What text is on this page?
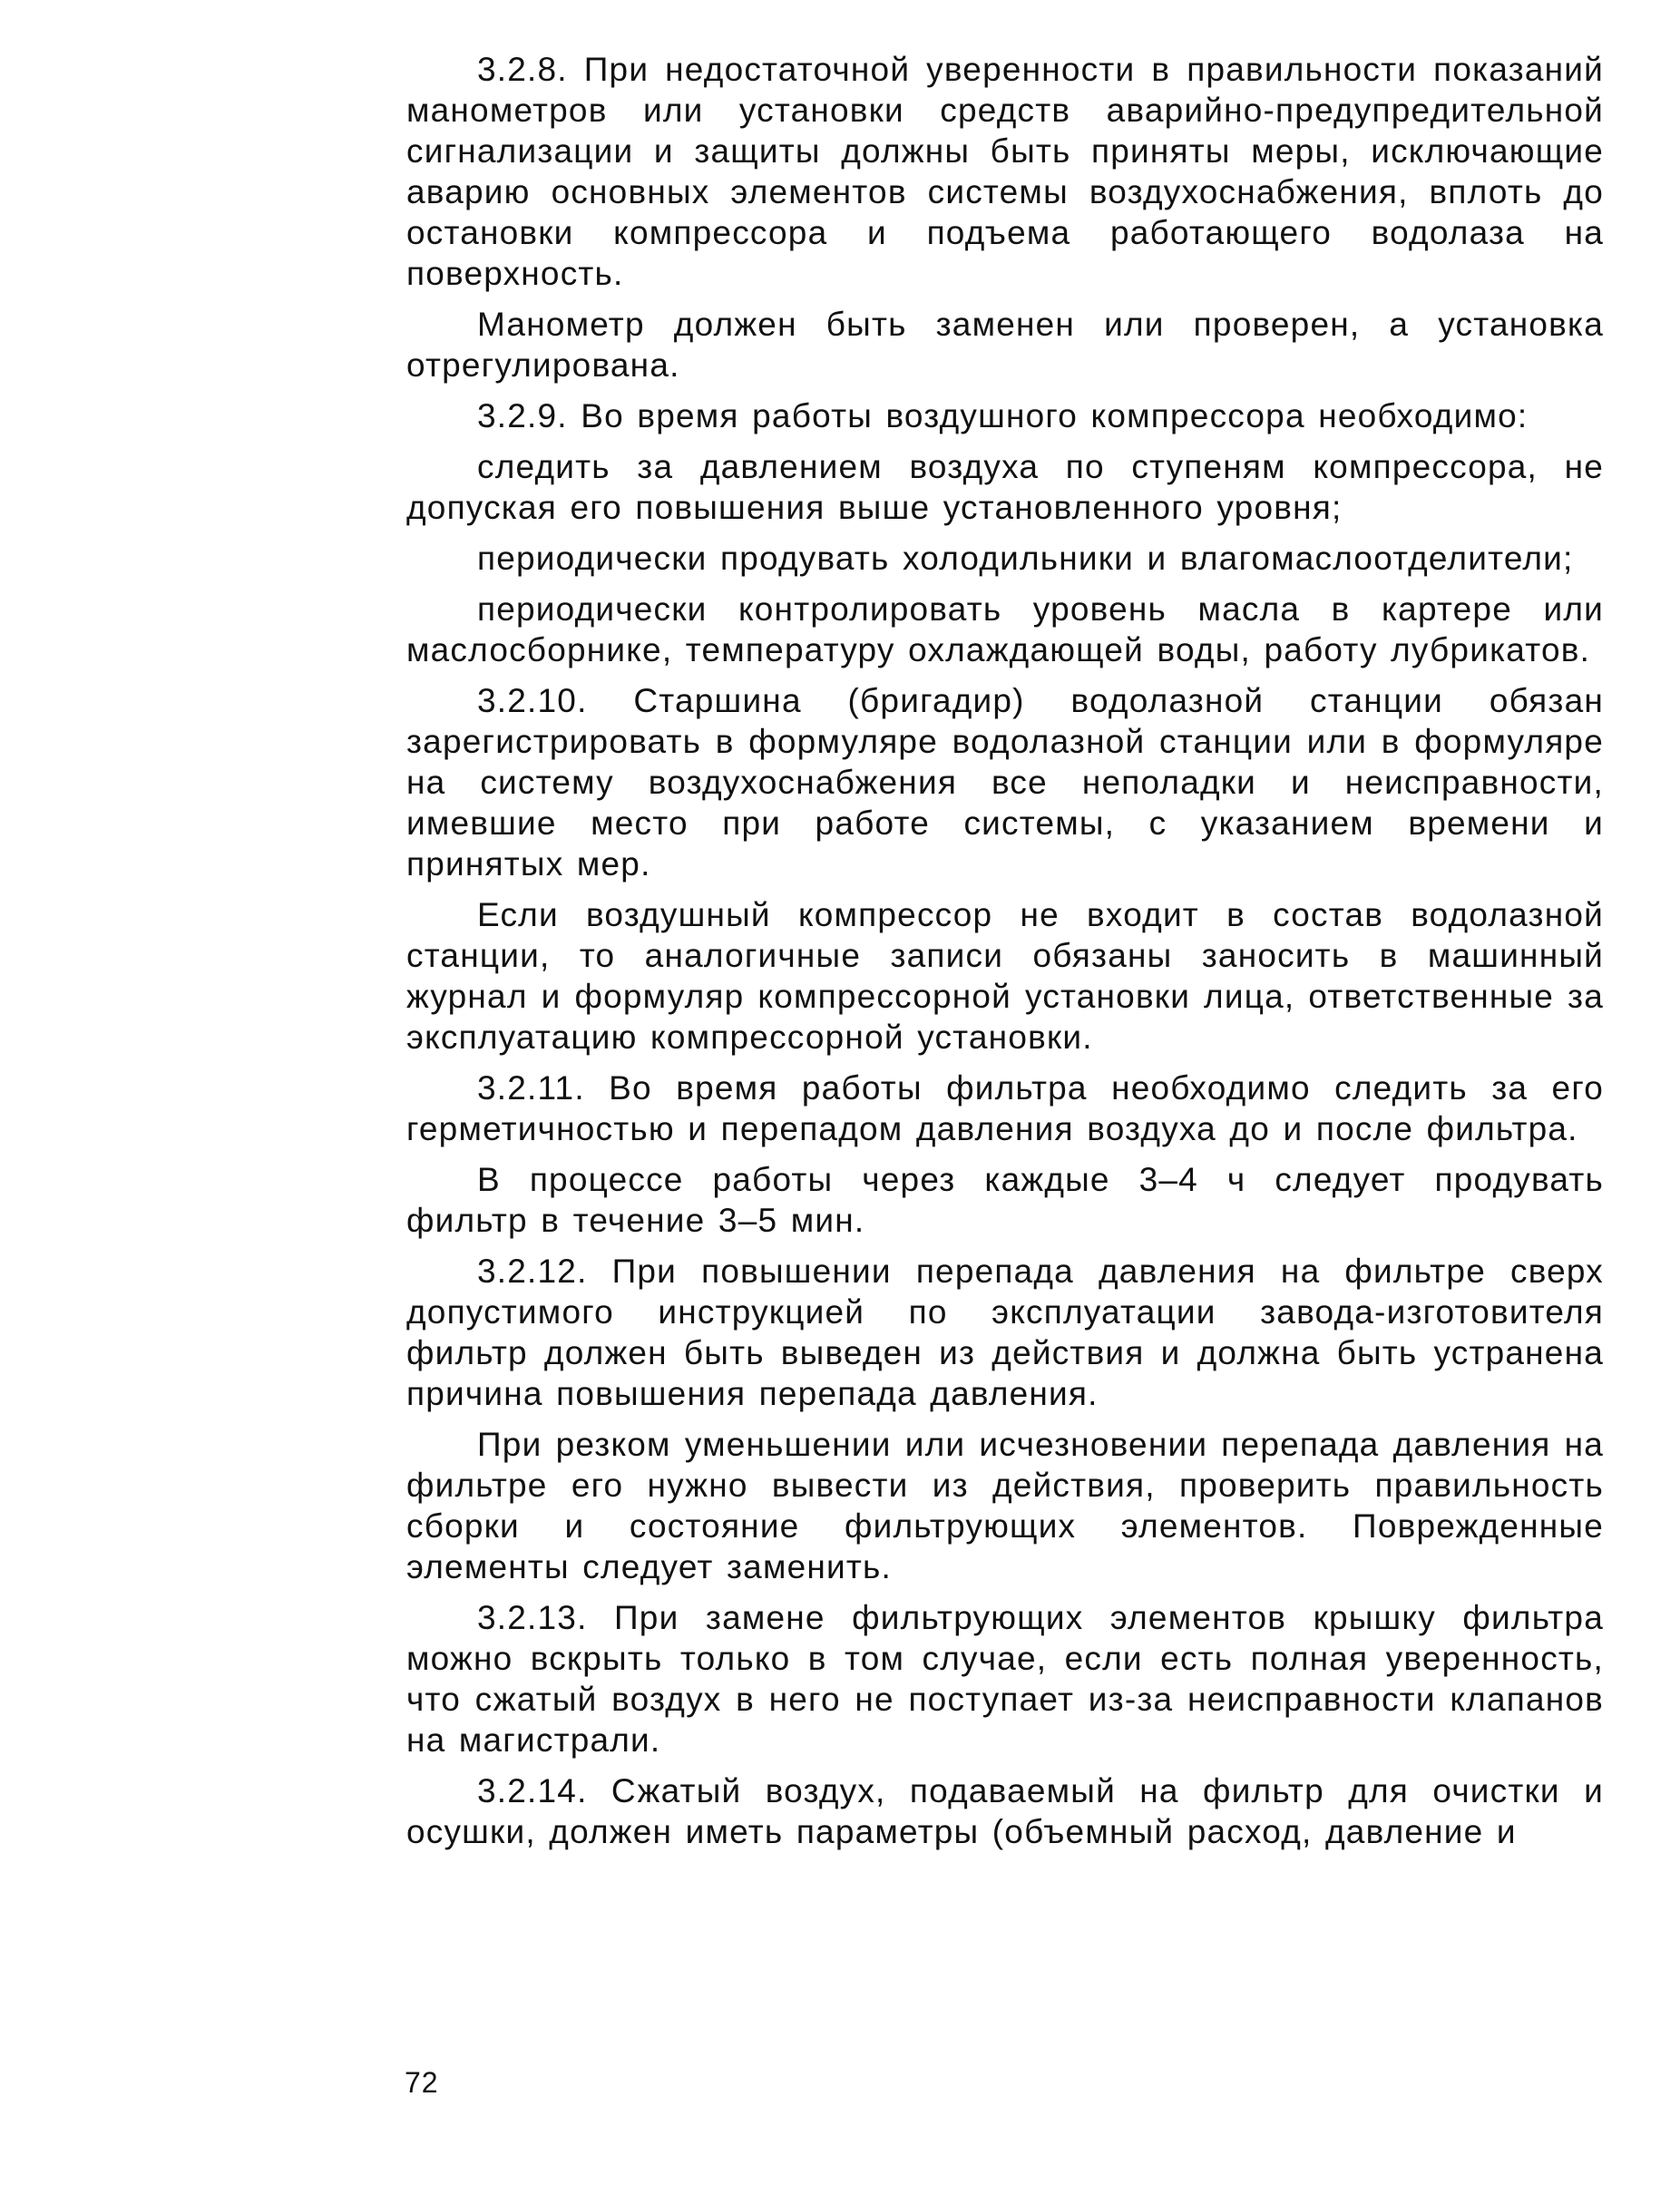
3.2.8. При недостаточной уверенности в правильности показаний манометров или установки средств аварийно-предупредительной сигнализации и защиты должны быть приняты меры, исключающие аварию основных элементов системы воздухоснабжения, вплоть до остановки компрессора и подъема работающего водолаза на поверхность.

Манометр должен быть заменен или проверен, а установка отрегулирована.

3.2.9. Во время работы воздушного компрессора необходимо:

следить за давлением воздуха по ступеням компрессора, не допуская его повышения выше установленного уровня;

периодически продувать холодильники и влагомаслоотделители;

периодически контролировать уровень масла в картере или маслосборнике, температуру охлаждающей воды, работу лубрикатов.

3.2.10. Старшина (бригадир) водолазной станции обязан зарегистрировать в формуляре водолазной станции или в формуляре на систему воздухоснабжения все неполадки и неисправности, имевшие место при работе системы, с указанием времени и принятых мер.

Если воздушный компрессор не входит в состав водолазной станции, то аналогичные записи обязаны заносить в машинный журнал и формуляр компрессорной установки лица, ответственные за эксплуатацию компрессорной установки.

3.2.11. Во время работы фильтра необходимо следить за его герметичностью и перепадом давления воздуха до и после фильтра.

В процессе работы через каждые 3–4 ч следует продувать фильтр в течение 3–5 мин.

3.2.12. При повышении перепада давления на фильтре сверх допустимого инструкцией по эксплуатации завода-изготовителя фильтр должен быть выведен из действия и должна быть устранена причина повышения перепада давления.

При резком уменьшении или исчезновении перепада давления на фильтре его нужно вывести из действия, проверить правильность сборки и состояние фильтрующих элементов. Поврежденные элементы следует заменить.

3.2.13. При замене фильтрующих элементов крышку фильтра можно вскрыть только в том случае, если есть полная уверенность, что сжатый воздух в него не поступает из-за неисправности клапанов на магистрали.

3.2.14. Сжатый воздух, подаваемый на фильтр для очистки и осушки, должен иметь параметры (объемный расход, давление и

72
